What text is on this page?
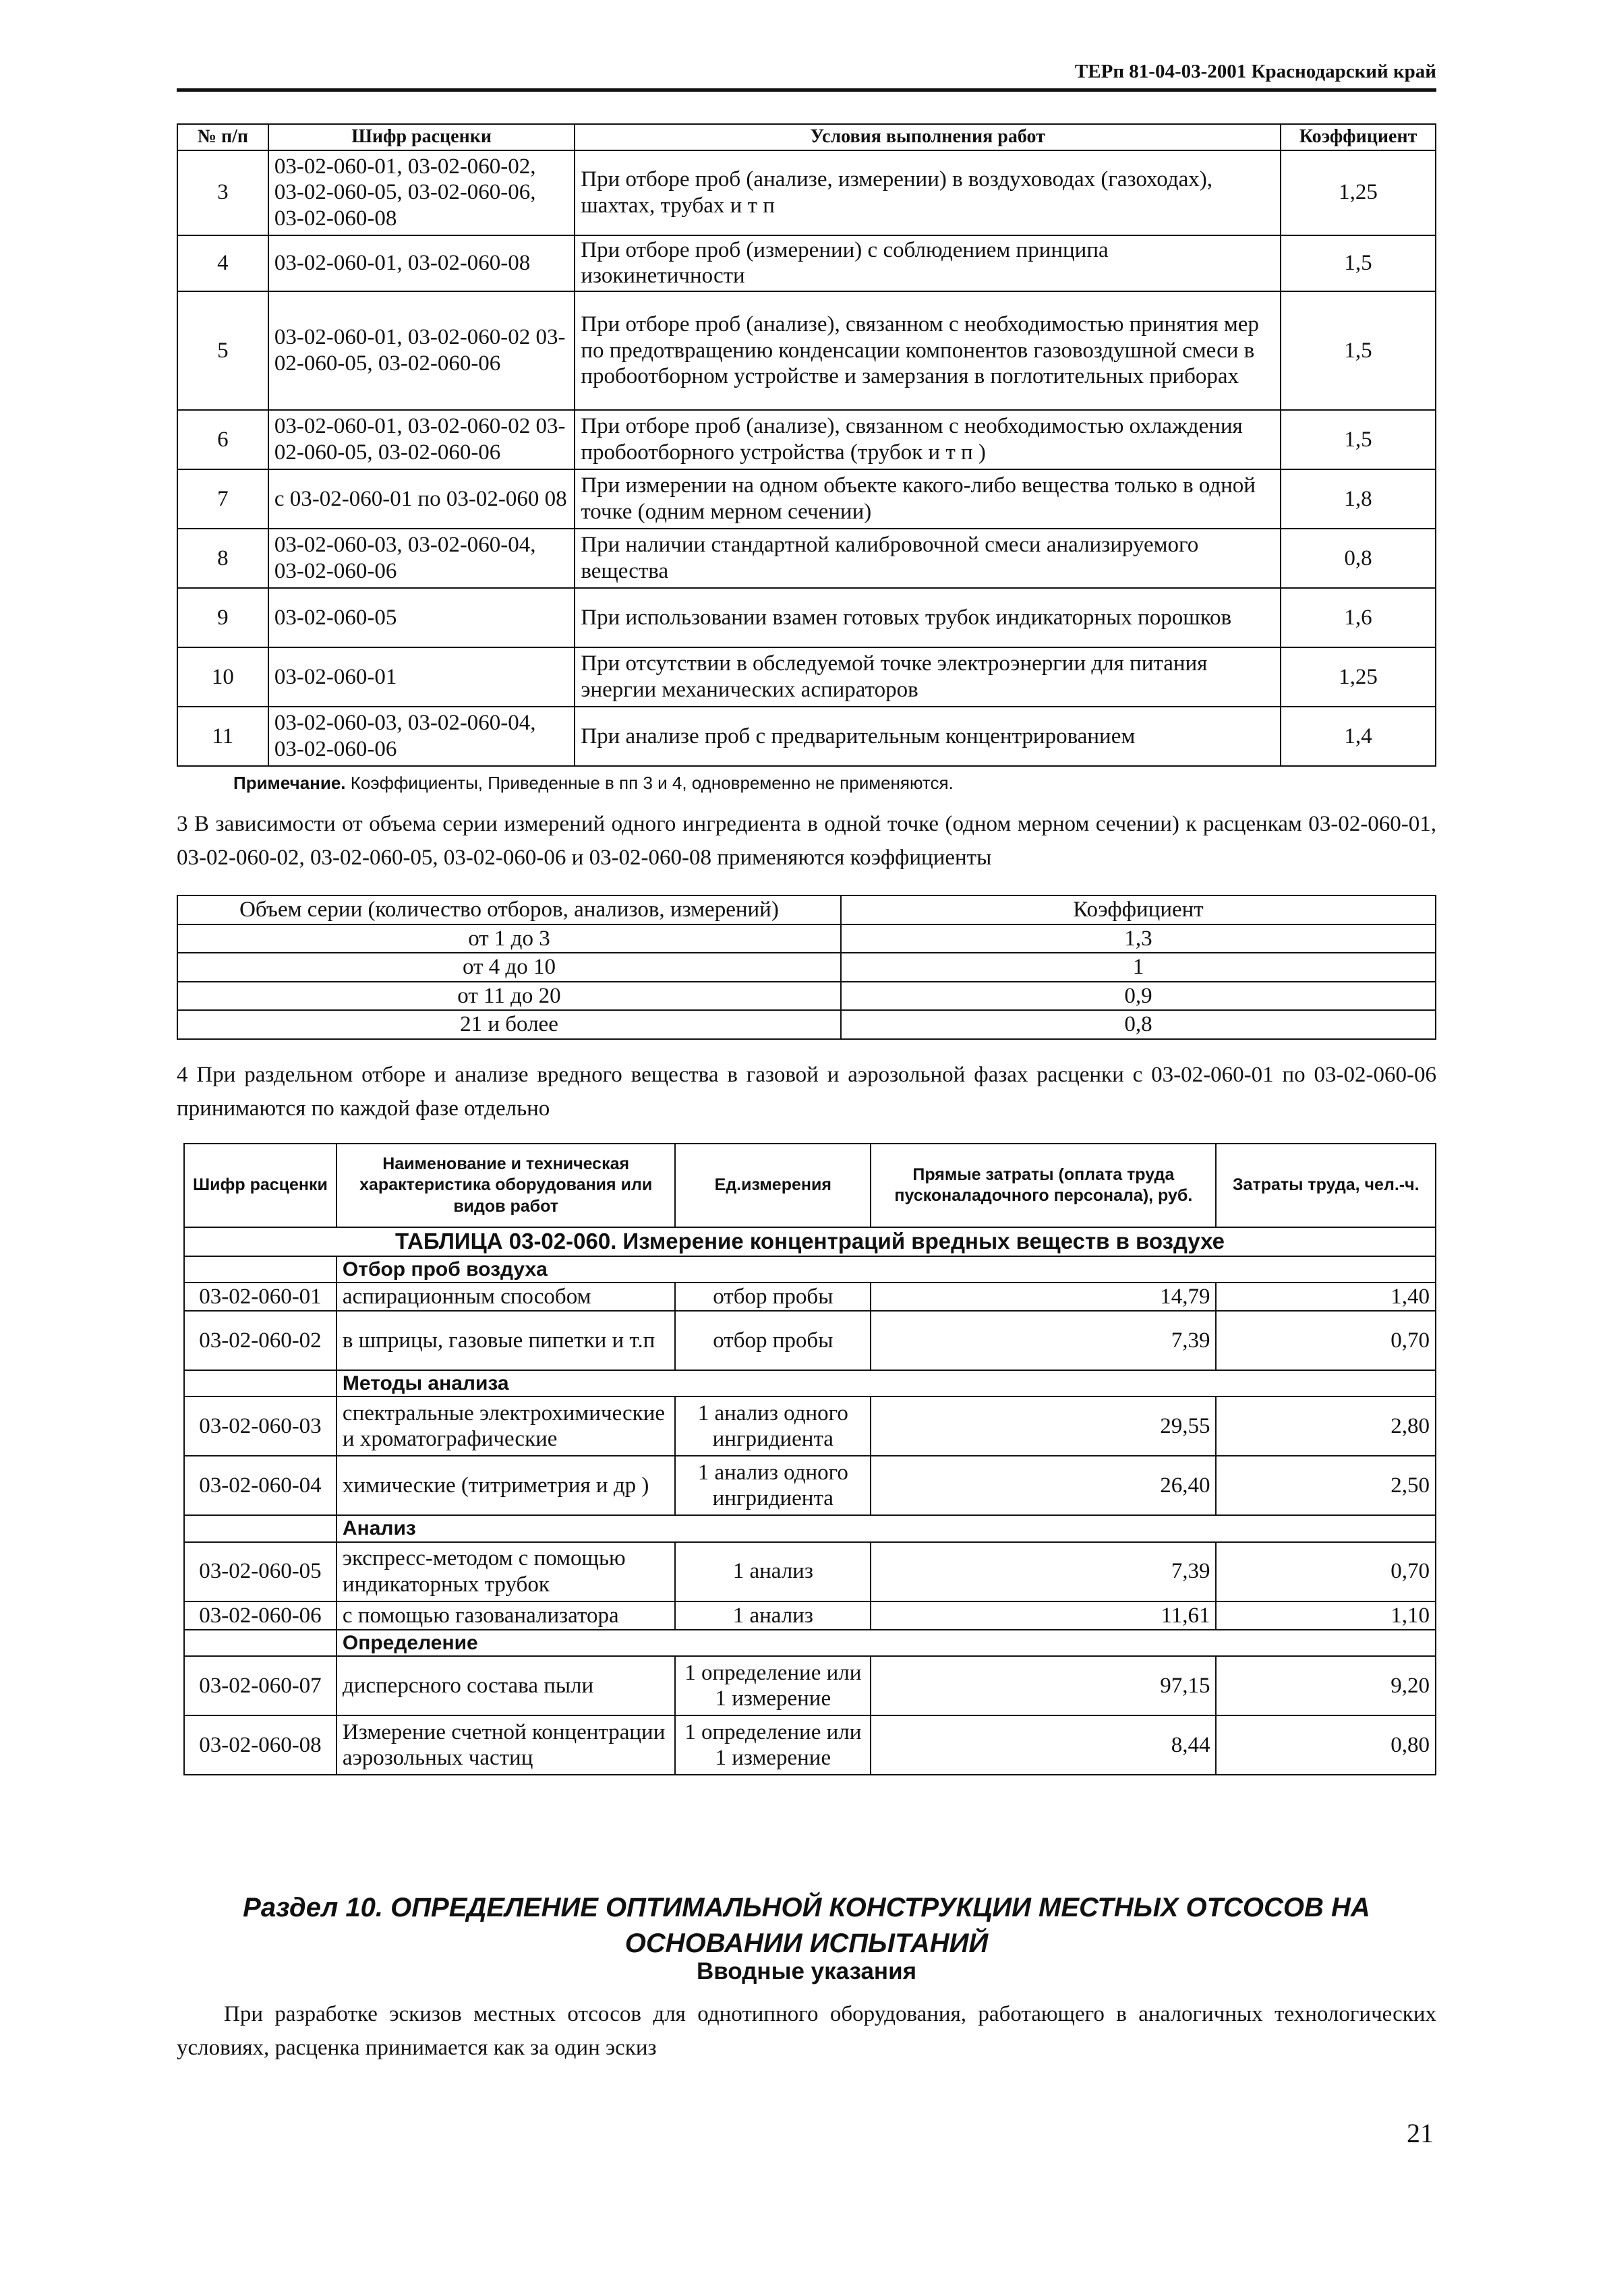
ТЕРп 81-04-03-2001 Краснодарский край
№ п/п	Шифр расценки	Условия выполнения работ	Коэффициент
3	03-02-060-01, 03-02-060-02, 03-02-060-05, 03-02-060-06, 03-02-060-08	При отборе проб (анализе, измерении) в воздуховодах (газоходах), шахтах, трубах и т п	1,25
4	03-02-060-01, 03-02-060-08	При отборе проб (измерении) с соблюдением принципа изокинетичности	1,5
5	03-02-060-01, 03-02-060-02 03-02-060-05, 03-02-060-06	При отборе проб (анализе), связанном с необходимостью принятия мер по предотвращению конденсации компонентов газовоздушной смеси в пробоотборном устройстве и замерзания в поглотительных приборах	1,5
6	03-02-060-01, 03-02-060-02 03-02-060-05, 03-02-060-06	При отборе проб (анализе), связанном с необходимостью охлаждения пробоотборного устройства (трубок и т п )	1,5
7	с 03-02-060-01 по 03-02-060 08	При измерении на одном объекте какого-либо вещества только в одной точке (одним мерном сечении)	1,8
8	03-02-060-03, 03-02-060-04, 03-02-060-06	При наличии стандартной калибровочной смеси анализируемого вещества	0,8
9	03-02-060-05	При использовании взамен готовых трубок индикаторных порошков	1,6
10	03-02-060-01	При отсутствии в обследуемой точке электроэнергии для питания энергии механических аспираторов	1,25
11	03-02-060-03, 03-02-060-04, 03-02-060-06	При анализе проб с предварительным концентрированием	1,4
Примечание. Коэффициенты, Приведенные в пп 3 и 4, одновременно не применяются.
3 В зависимости от объема серии измерений одного ингредиента в одной точке (одном мерном сечении) к расценкам 03-02-060-01, 03-02-060-02, 03-02-060-05, 03-02-060-06 и 03-02-060-08 применяются коэффициенты
Объем серии (количество отборов, анализов, измерений)	Коэффициент
от 1 до 3	1,3
от 4 до 10	1
от 11 до 20	0,9
21 и более	0,8
4 При раздельном отборе и анализе вредного вещества в газовой и аэрозольной фазах расценки с 03-02-060-01 по 03-02-060-06 принимаются по каждой фазе отдельно
Шифр расценки	Наименование и техническая характеристика оборудования или видов работ	Ед.измерения	Прямые затраты (оплата труда пусконаладочного персонала), руб.	Затраты труда, чел.-ч.
ТАБЛИЦА 03-02-060. Измерение концентраций вредных веществ в воздухе				
	Отбор проб воздуха			
03-02-060-01	аспирационным способом	отбор пробы	14,79	1,40
03-02-060-02	в шприцы, газовые пипетки и т.п	отбор пробы	7,39	0,70
	Методы анализа			
03-02-060-03	спектральные электрохимические и хроматографические	1 анализ одного ингридиента	29,55	2,80
03-02-060-04	химические (титриметрия и др )	1 анализ одного ингридиента	26,40	2,50
	Анализ			
03-02-060-05	экспресс-методом с помощью индикаторных трубок	1 анализ	7,39	0,70
03-02-060-06	с помощью газованализатора	1 анализ	11,61	1,10
	Определение			
03-02-060-07	дисперсного состава пыли	1 определение или 1 измерение	97,15	9,20
03-02-060-08	Измерение счетной концентрации аэрозольных частиц	1 определение или 1 измерение	8,44	0,80
Раздел 10. ОПРЕДЕЛЕНИЕ ОПТИМАЛЬНОЙ КОНСТРУКЦИИ МЕСТНЫХ ОТСОСОВ НА
ОСНОВАНИИ ИСПЫТАНИЙ
Вводные указания
При разработке эскизов местных отсосов для однотипного оборудования, работающего в аналогичных технологических условиях, расценка принимается как за один эскиз
21
